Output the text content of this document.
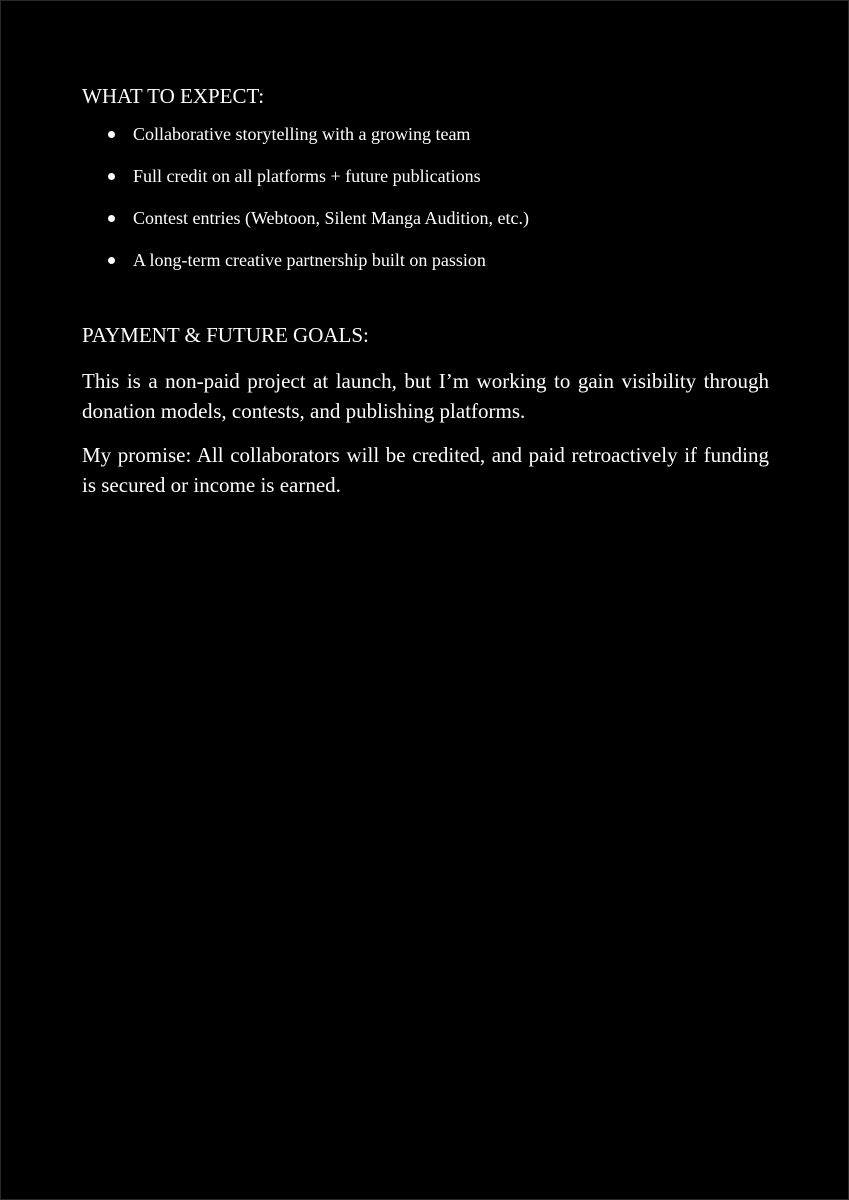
WHAT TO EXPECT:
Collaborative storytelling with a growing team
Full credit on all platforms + future publications
Contest entries (Webtoon, Silent Manga Audition, etc.)
A long-term creative partnership built on passion
PAYMENT & FUTURE GOALS:

This is a non-paid project at launch, but I’m working to gain visibility through donation models, contests, and publishing platforms.

My promise: All collaborators will be credited, and paid retroactively if funding is secured or income is earned.
